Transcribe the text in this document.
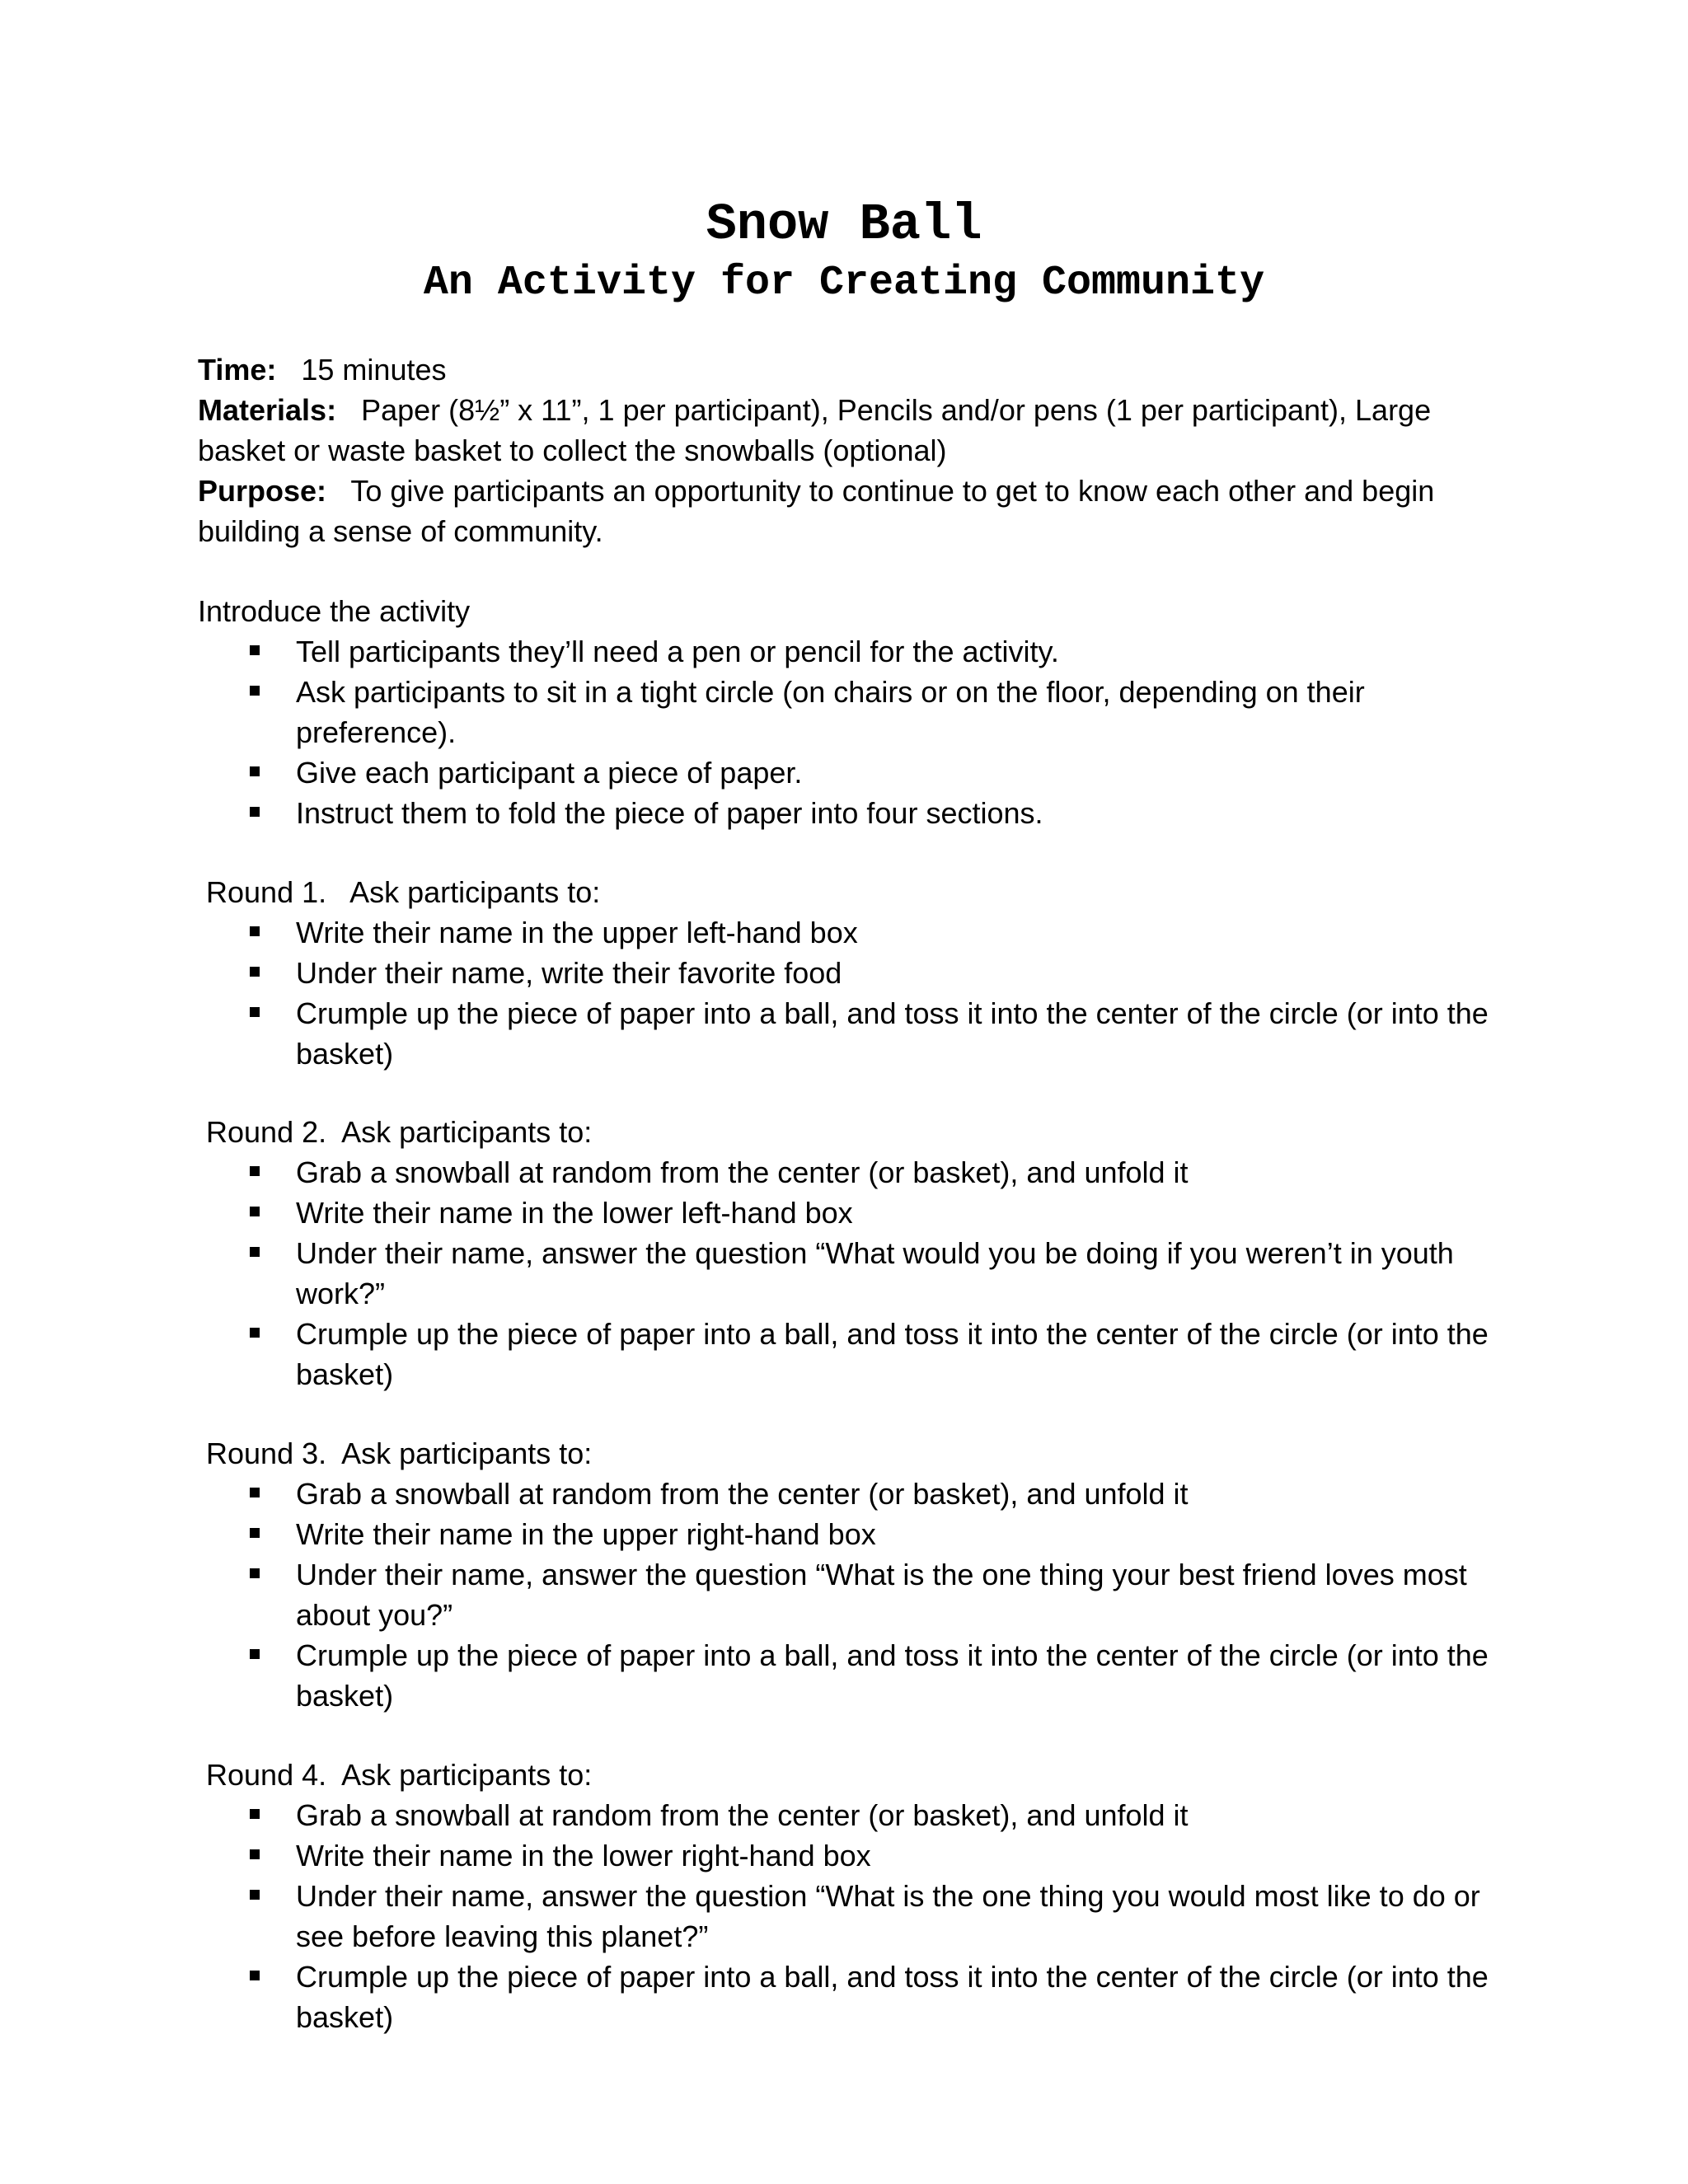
Snow Ball
An Activity for Creating Community

Time: 15 minutes

Materials: Paper (8½” x 11”, 1 per participant), Pencils and/or pens (1 per participant), Large basket or waste basket to collect the snowballs (optional)

Purpose: To give participants an opportunity to continue to get to know each other and begin building a sense of community.

Introduce the activity

Tell participants they’ll need a pen or pencil for the activity.
Ask participants to sit in a tight circle (on chairs or on the floor, depending on their preference).
Give each participant a piece of paper.
Instruct them to fold the piece of paper into four sections.

Round 1.   Ask participants to:

Write their name in the upper left-hand box
Under their name, write their favorite food
Crumple up the piece of paper into a ball, and toss it into the center of the circle (or into the basket)

Round 2.  Ask participants to:

Grab a snowball at random from the center (or basket), and unfold it
Write their name in the lower left-hand box
Under their name, answer the question “What would you be doing if you weren’t in youth work?”
Crumple up the piece of paper into a ball, and toss it into the center of the circle (or into the basket)

Round 3.  Ask participants to:

Grab a snowball at random from the center (or basket), and unfold it
Write their name in the upper right-hand box
Under their name, answer the question “What is the one thing your best friend loves most about you?”
Crumple up the piece of paper into a ball, and toss it into the center of the circle (or into the basket)

Round 4.  Ask participants to:

Grab a snowball at random from the center (or basket), and unfold it
Write their name in the lower right-hand box
Under their name, answer the question “What is the one thing you would most like to do or see before leaving this planet?”
Crumple up the piece of paper into a ball, and toss it into the center of the circle (or into the basket)
